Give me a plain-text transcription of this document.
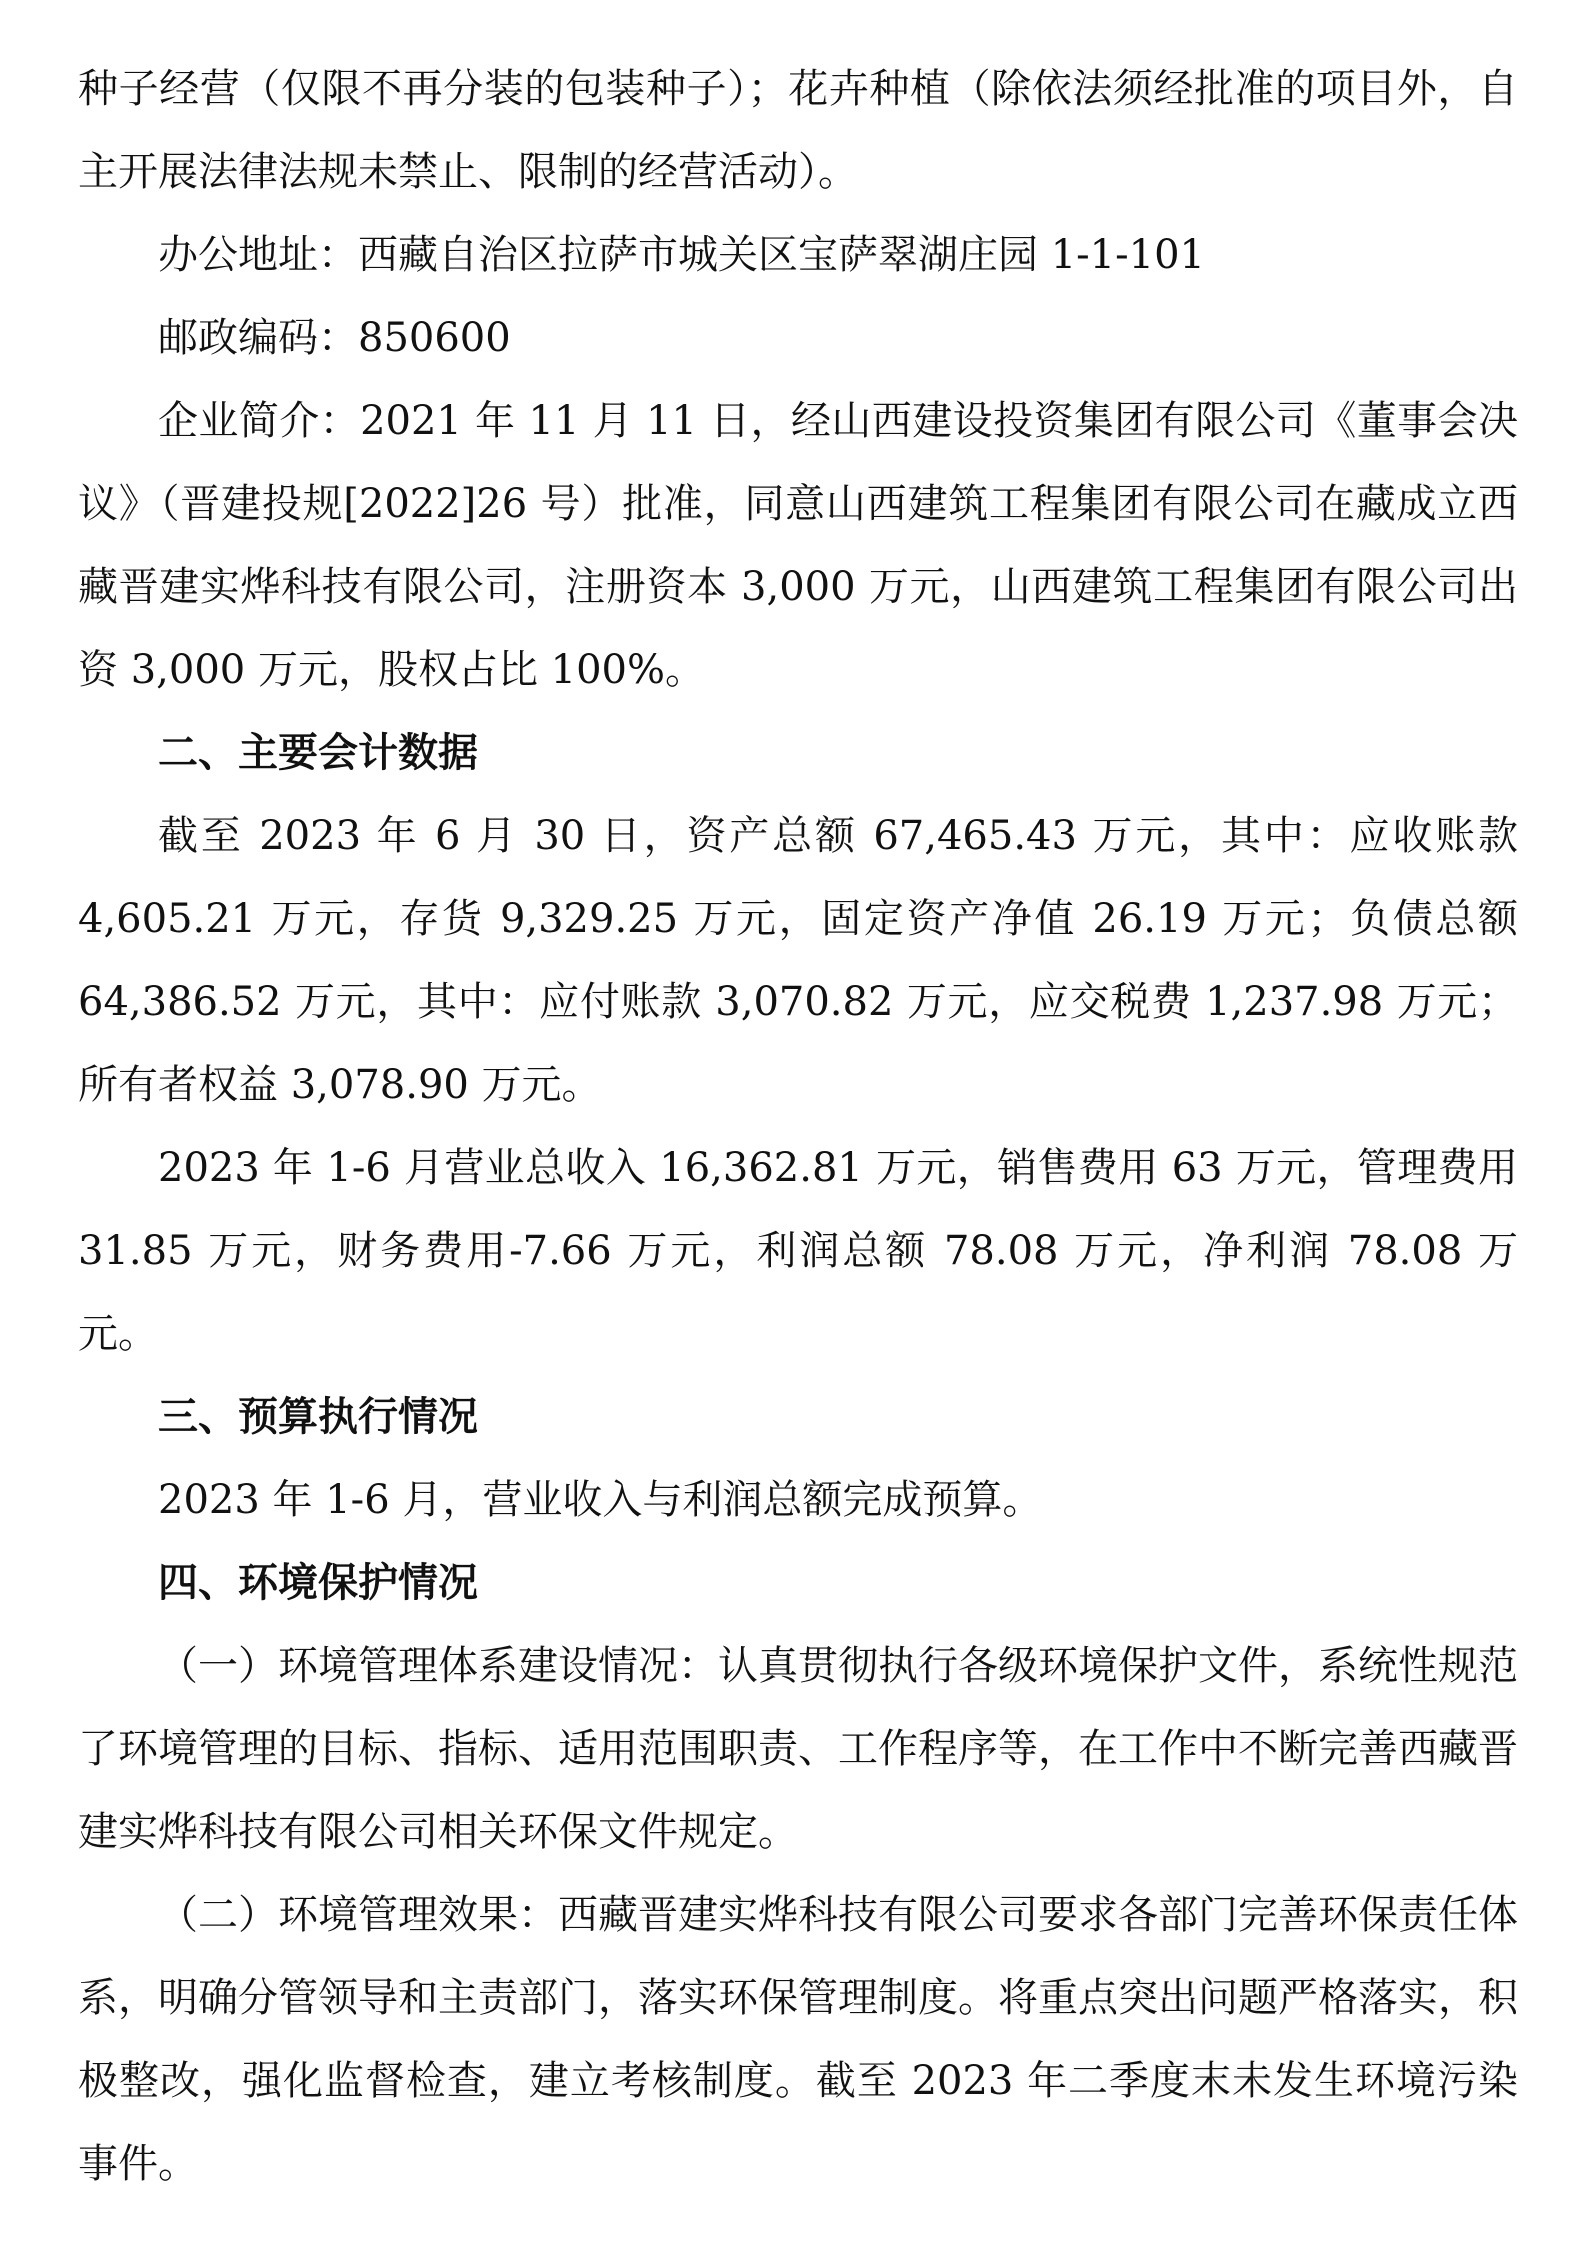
种子经营（仅限不再分装的包装种子）；花卉种植（除依法须经批准的项目外，自主开展法律法规未禁止、限制的经营活动）。

办公地址：西藏自治区拉萨市城关区宝萨翠湖庄园 1-1-101

邮政编码：850600

企业简介：2021 年 11 月 11 日，经山西建设投资集团有限公司《董事会决议》（晋建投规[2022]26 号）批准，同意山西建筑工程集团有限公司在藏成立西藏晋建实烨科技有限公司，注册资本 3,000 万元，山西建筑工程集团有限公司出资 3,000 万元，股权占比 100%。

二、主要会计数据

截至 2023 年 6 月 30 日，资产总额 67,465.43 万元，其中：应收账款 4,605.21 万元，存货 9,329.25 万元，固定资产净值 26.19 万元；负债总额 64,386.52 万元，其中：应付账款 3,070.82 万元，应交税费 1,237.98 万元；所有者权益 3,078.90 万元。

2023 年 1-6 月营业总收入 16,362.81 万元，销售费用 63 万元，管理费用 31.85 万元，财务费用-7.66 万元，利润总额 78.08 万元，净利润 78.08 万元。

三、预算执行情况

2023 年 1-6 月，营业收入与利润总额完成预算。

四、环境保护情况

（一）环境管理体系建设情况：认真贯彻执行各级环境保护文件，系统性规范了环境管理的目标、指标、适用范围职责、工作程序等，在工作中不断完善西藏晋建实烨科技有限公司相关环保文件规定。

（二）环境管理效果：西藏晋建实烨科技有限公司要求各部门完善环保责任体系，明确分管领导和主责部门，落实环保管理制度。将重点突出问题严格落实，积极整改，强化监督检查，建立考核制度。截至 2023 年二季度末未发生环境污染事件。
